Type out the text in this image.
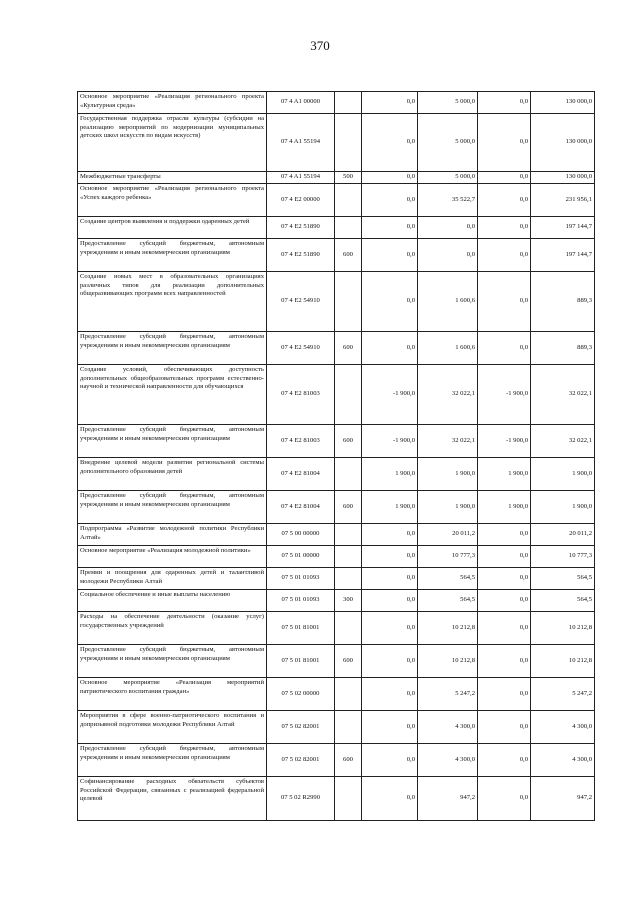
370
Основное мероприятие «Реализация регионального проекта «Культурная среда»	07 4 A1 00000		0,0	5 000,0	0,0	130 000,0
Государственная поддержка отрасли культуры (субсидии на реализацию мероприятий по модернизации муниципальных детских школ искусств по видам искусств)	07 4 A1 55194		0,0	5 000,0	0,0	130 000,0
Межбюджетные трансферты	07 4 A1 55194	500	0,0	5 000,0	0,0	130 000,0
Основное мероприятие «Реализация регионального проекта «Успех каждого ребенка»	07 4 E2 00000		0,0	35 522,7	0,0	231 956,1
Создание центров выявления и поддержки одаренных детей	07 4 E2 51890		0,0	0,0	0,0	197 144,7
Предоставление субсидий бюджетным, автономным учреждениям и иным некоммерческим организациям	07 4 E2 51890	600	0,0	0,0	0,0	197 144,7
Создание новых мест в образовательных организациях различных типов для реализации дополнительных общеразвивающих программ всех направленностей	07 4 E2 54910		0,0	1 600,6	0,0	889,3
Предоставление субсидий бюджетным, автономным учреждениям и иным некоммерческим организациям	07 4 E2 54910	600	0,0	1 600,6	0,0	889,3
Создание условий, обеспечивающих доступность дополнительных общеобразовательных программ естественно-научной и технической направленности для обучающихся	07 4 E2 81003		-1 900,0	32 022,1	-1 900,0	32 022,1
Предоставление субсидий бюджетным, автономным учреждениям и иным некоммерческим организациям	07 4 E2 81003	600	-1 900,0	32 022,1	-1 900,0	32 022,1
Внедрение целевой модели развития региональной системы дополнительного образования детей	07 4 E2 81004		1 900,0	1 900,0	1 900,0	1 900,0
Предоставление субсидий бюджетным, автономным учреждениям и иным некоммерческим организациям	07 4 E2 81004	600	1 900,0	1 900,0	1 900,0	1 900,0
Подпрограмма «Развитие молодежной политики Республики Алтай»	07 5 00 00000		0,0	20 011,2	0,0	20 011,2
Основное мероприятие «Реализация молодежной политики»	07 5 01 00000		0,0	10 777,3	0,0	10 777,3
Премии и поощрения для одаренных детей и талантливой молодежи Республики Алтай	07 5 01 01093		0,0	564,5	0,0	564,5
Социальное обеспечение и иные выплаты населению	07 5 01 01093	300	0,0	564,5	0,0	564,5
Расходы на обеспечение деятельности (оказание услуг) государственных учреждений	07 5 01 81001		0,0	10 212,8	0,0	10 212,8
Предоставление субсидий бюджетным, автономным учреждениям и иным некоммерческим организациям	07 5 01 81001	600	0,0	10 212,8	0,0	10 212,8
Основное мероприятие «Реализация мероприятий патриотического воспитания граждан»	07 5 02 00000		0,0	5 247,2	0,0	5 247,2
Мероприятия в сфере военно-патриотического воспитания и допризывной подготовки молодежи Республики Алтай	07 5 02 82001		0,0	4 300,0	0,0	4 300,0
Предоставление субсидий бюджетным, автономным учреждениям и иным некоммерческим организациям	07 5 02 82001	600	0,0	4 300,0	0,0	4 300,0
Софинансирование расходных обязательств субъектов Российской Федерации, связанных с реализацией федеральной целевой	07 5 02 R2990		0,0	947,2	0,0	947,2
